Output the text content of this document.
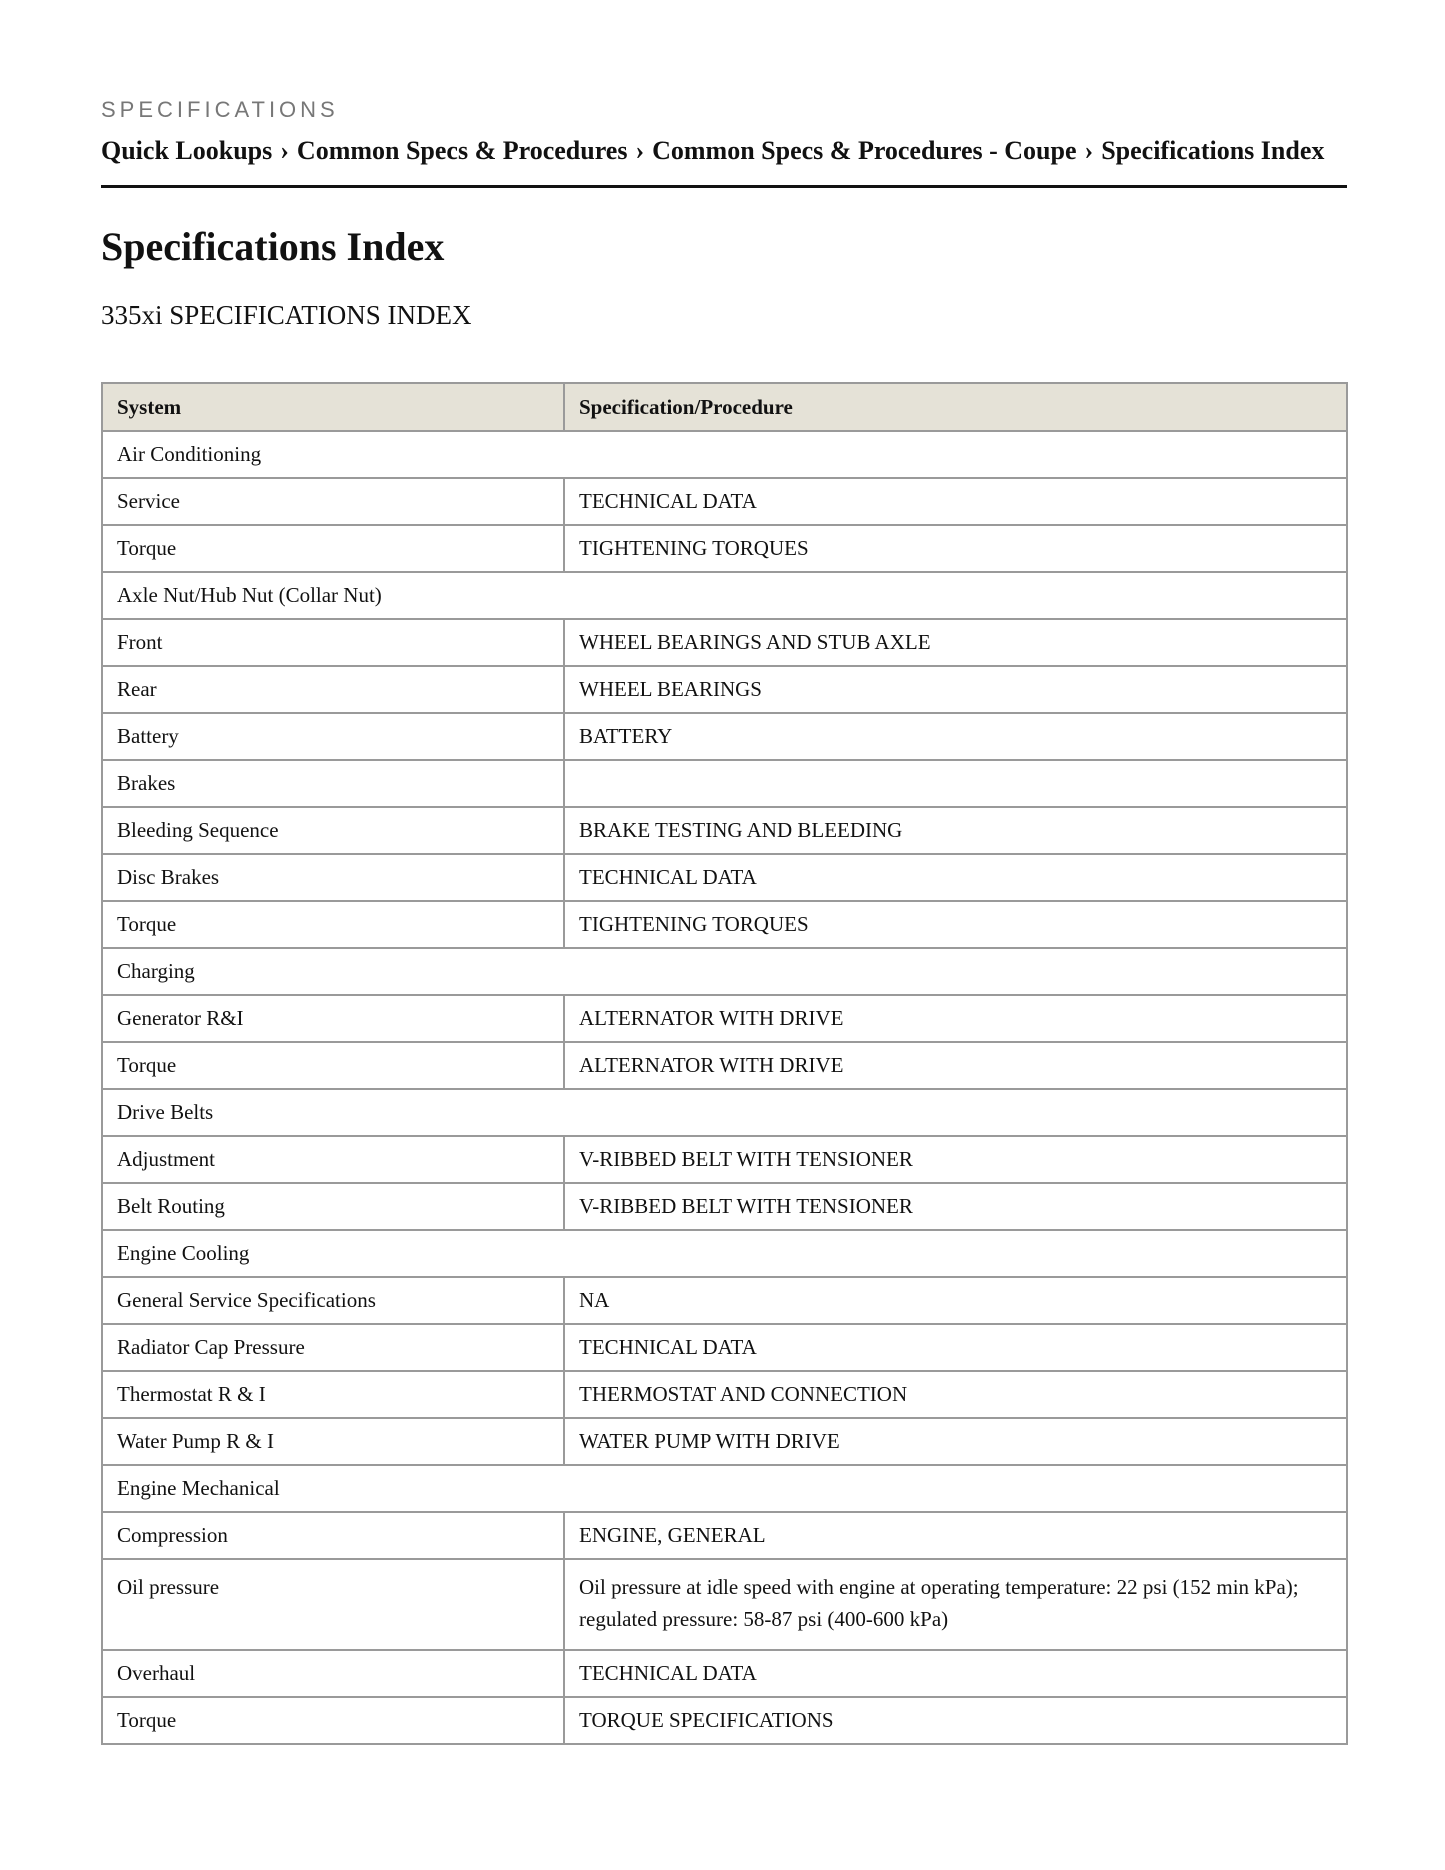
SPECIFICATIONS
Quick Lookups › Common Specs & Procedures › Common Specs & Procedures - Coupe › Specifications Index
Specifications Index
335xi SPECIFICATIONS INDEX
System	Specification/Procedure
Air Conditioning	
Service	TECHNICAL DATA
Torque	TIGHTENING TORQUES
Axle Nut/Hub Nut (Collar Nut)	
Front	WHEEL BEARINGS AND STUB AXLE
Rear	WHEEL BEARINGS
Battery	BATTERY
Brakes	
Bleeding Sequence	BRAKE TESTING AND BLEEDING
Disc Brakes	TECHNICAL DATA
Torque	TIGHTENING TORQUES
Charging	
Generator R&I	ALTERNATOR WITH DRIVE
Torque	ALTERNATOR WITH DRIVE
Drive Belts	
Adjustment	V-RIBBED BELT WITH TENSIONER
Belt Routing	V-RIBBED BELT WITH TENSIONER
Engine Cooling	
General Service Specifications	NA
Radiator Cap Pressure	TECHNICAL DATA
Thermostat R & I	THERMOSTAT AND CONNECTION
Water Pump R & I	WATER PUMP WITH DRIVE
Engine Mechanical	
Compression	ENGINE, GENERAL
Oil pressure	Oil pressure at idle speed with engine at operating temperature: 22 psi (152 min kPa); regulated pressure: 58-87 psi (400-600 kPa)
Overhaul	TECHNICAL DATA
Torque	TORQUE SPECIFICATIONS
